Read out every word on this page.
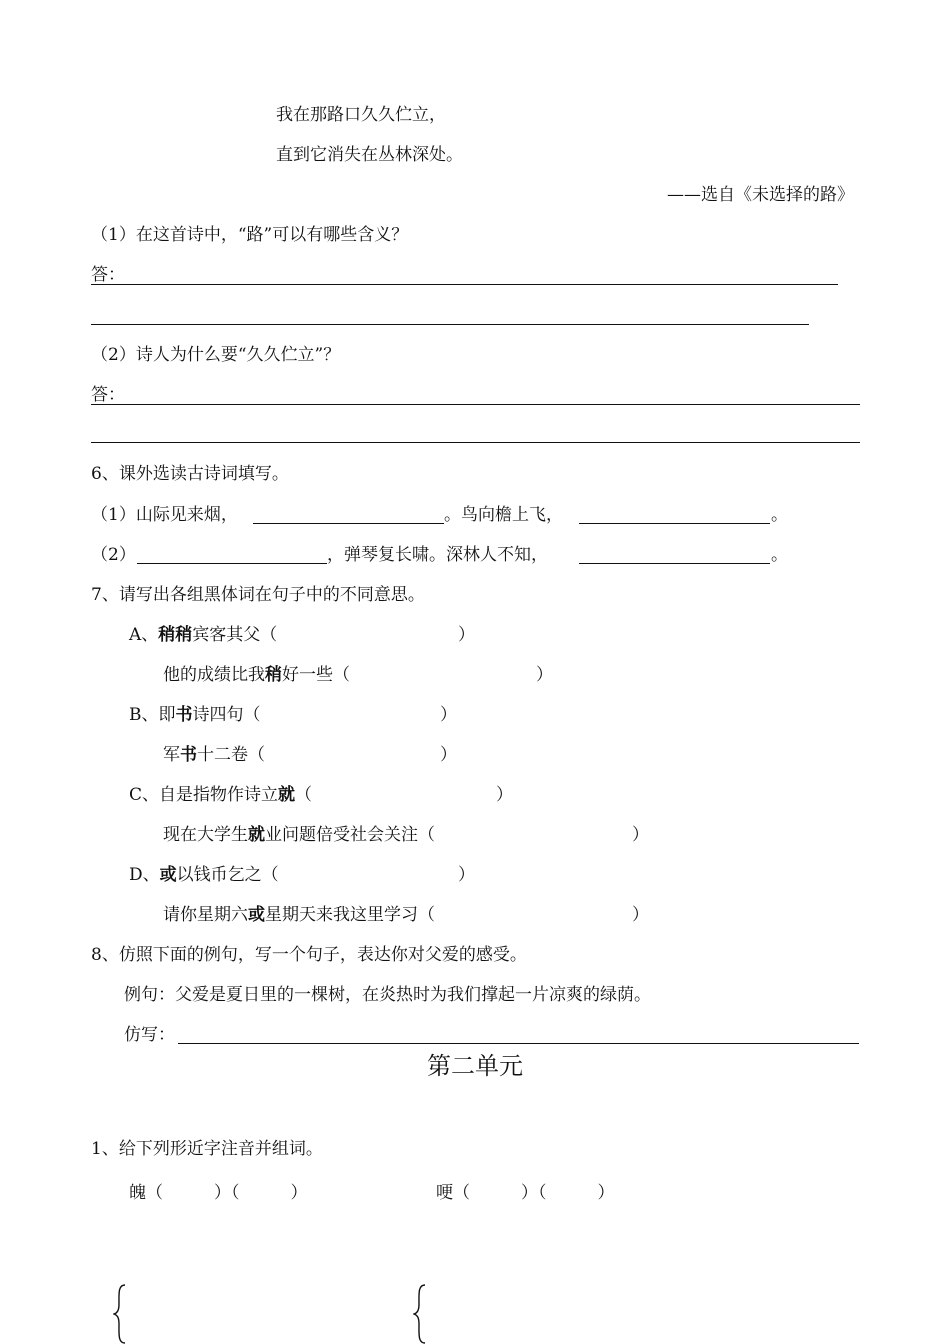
我在那路口久久伫立，
直到它消失在丛林深处。
——选自《未选择的路》
（1）在这首诗中，“路”可以有哪些含义？
答：
（2）诗人为什么要“久久伫立”？
答：
6、课外选读古诗词填写。
（1）山际见来烟，	。鸟向檐上飞，	。
（2）	，弹琴复长啸。深林人不知，	。
7、请写出各组黑体词在句子中的不同意思。
A、稍稍宾客其父（	）
他的成绩比我稍好一些（	）
B、即书诗四句（	）
军书十二卷（	）
C、自是指物作诗立就（	）
现在大学生就业问题倍受社会关注（	）
D、或以钱币乞之（	）
请你星期六或星期天来我这里学习（	）
8、仿照下面的例句，写一个句子，表达你对父爱的感受。
例句：父爱是夏日里的一棵树，在炎热时为我们撑起一片凉爽的绿荫。
仿写：
第二单元
1、给下列形近字注音并组词。
魄（　　　）（　　　）	哽（　　　）（　　　）
